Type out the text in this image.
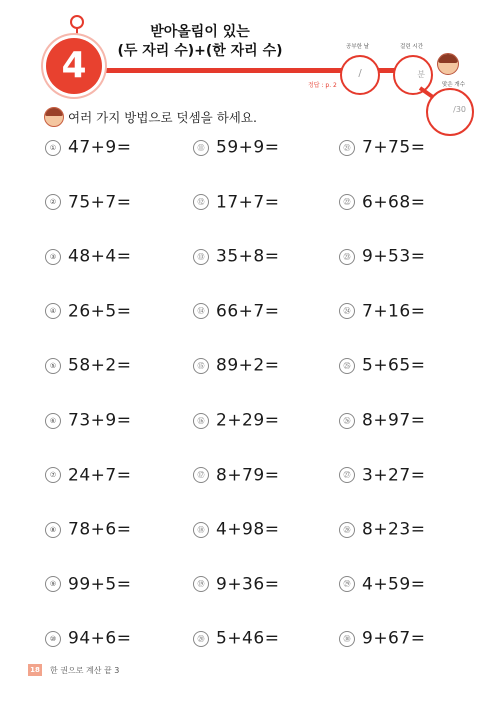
4
받아올림이 있는
(두 자리 수)+(한 자리 수)
정답 : p. 2
공부한 날
/
걸린 시간
분
맞은 개수
/30
여러 가지 방법으로 덧셈을 하세요.
① 47+9=
② 75+7=
③ 48+4=
④ 26+5=
⑤ 58+2=
⑥ 73+9=
⑦ 24+7=
⑧ 78+6=
⑨ 99+5=
⑩ 94+6=
⑪ 59+9=
⑫ 17+7=
⑬ 35+8=
⑭ 66+7=
⑮ 89+2=
⑯ 2+29=
⑰ 8+79=
⑱ 4+98=
⑲ 9+36=
⑳ 5+46=
㉑ 7+75=
㉒ 6+68=
㉓ 9+53=
㉔ 7+16=
㉕ 5+65=
㉖ 8+97=
㉗ 3+27=
㉘ 8+23=
㉙ 4+59=
㉚ 9+67=
18 한 권으로 계산 끝 3
